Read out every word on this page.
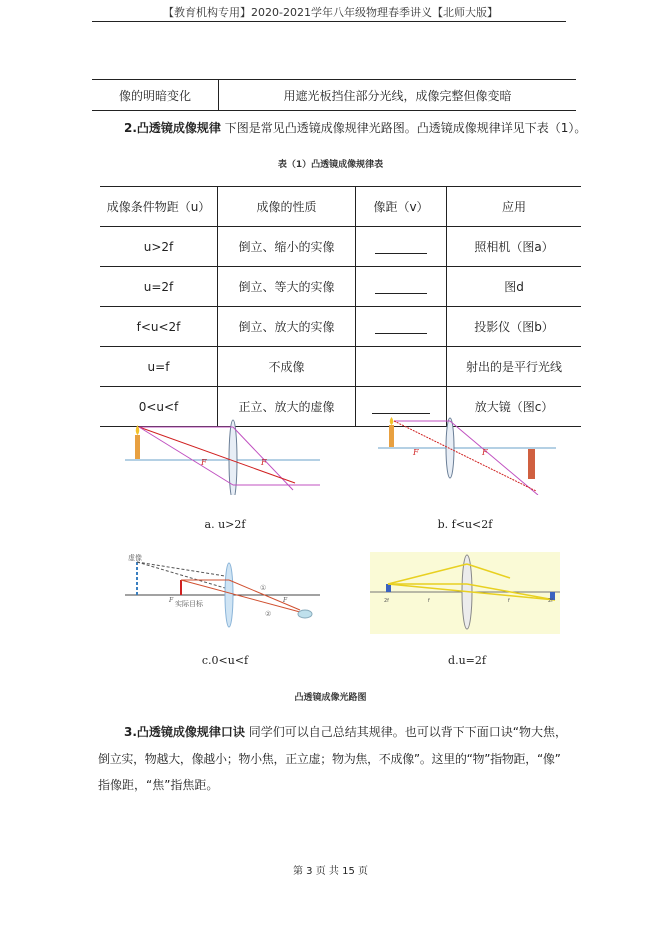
【教育机构专用】2020-2021学年八年级物理春季讲义【北师大版】
像的明暗变化	用遮光板挡住部分光线，成像完整但像变暗
2.凸透镜成像规律 下图是常见凸透镜成像规律光路图。凸透镜成像规律详见下表（1）。
表（1）凸透镜成像规律表
成像条件物距（u）	成像的性质	像距（v）	应用
u>2f	倒立、缩小的实像		照相机（图a）
u=2f	倒立、等大的实像		图d
f<u<2f	倒立、放大的实像		投影仪（图b）
u=f	不成像		射出的是平行光线
0<u<f	正立、放大的虚像		放大镜（图c）
F	F
a. u>2f
F	F
b. f<u<2f
虚像
实际目标
①
②
F	F
c.0<u<f
2f	f	f	2f
d.u=2f
凸透镜成像光路图
3.凸透镜成像规律口诀 同学们可以自己总结其规律。也可以背下下面口诀“物大焦，
倒立实，物越大，像越小；物小焦，正立虚；物为焦，不成像”。这里的“物”指物距，“像”
指像距，“焦”指焦距。
第 3 页 共 15 页
